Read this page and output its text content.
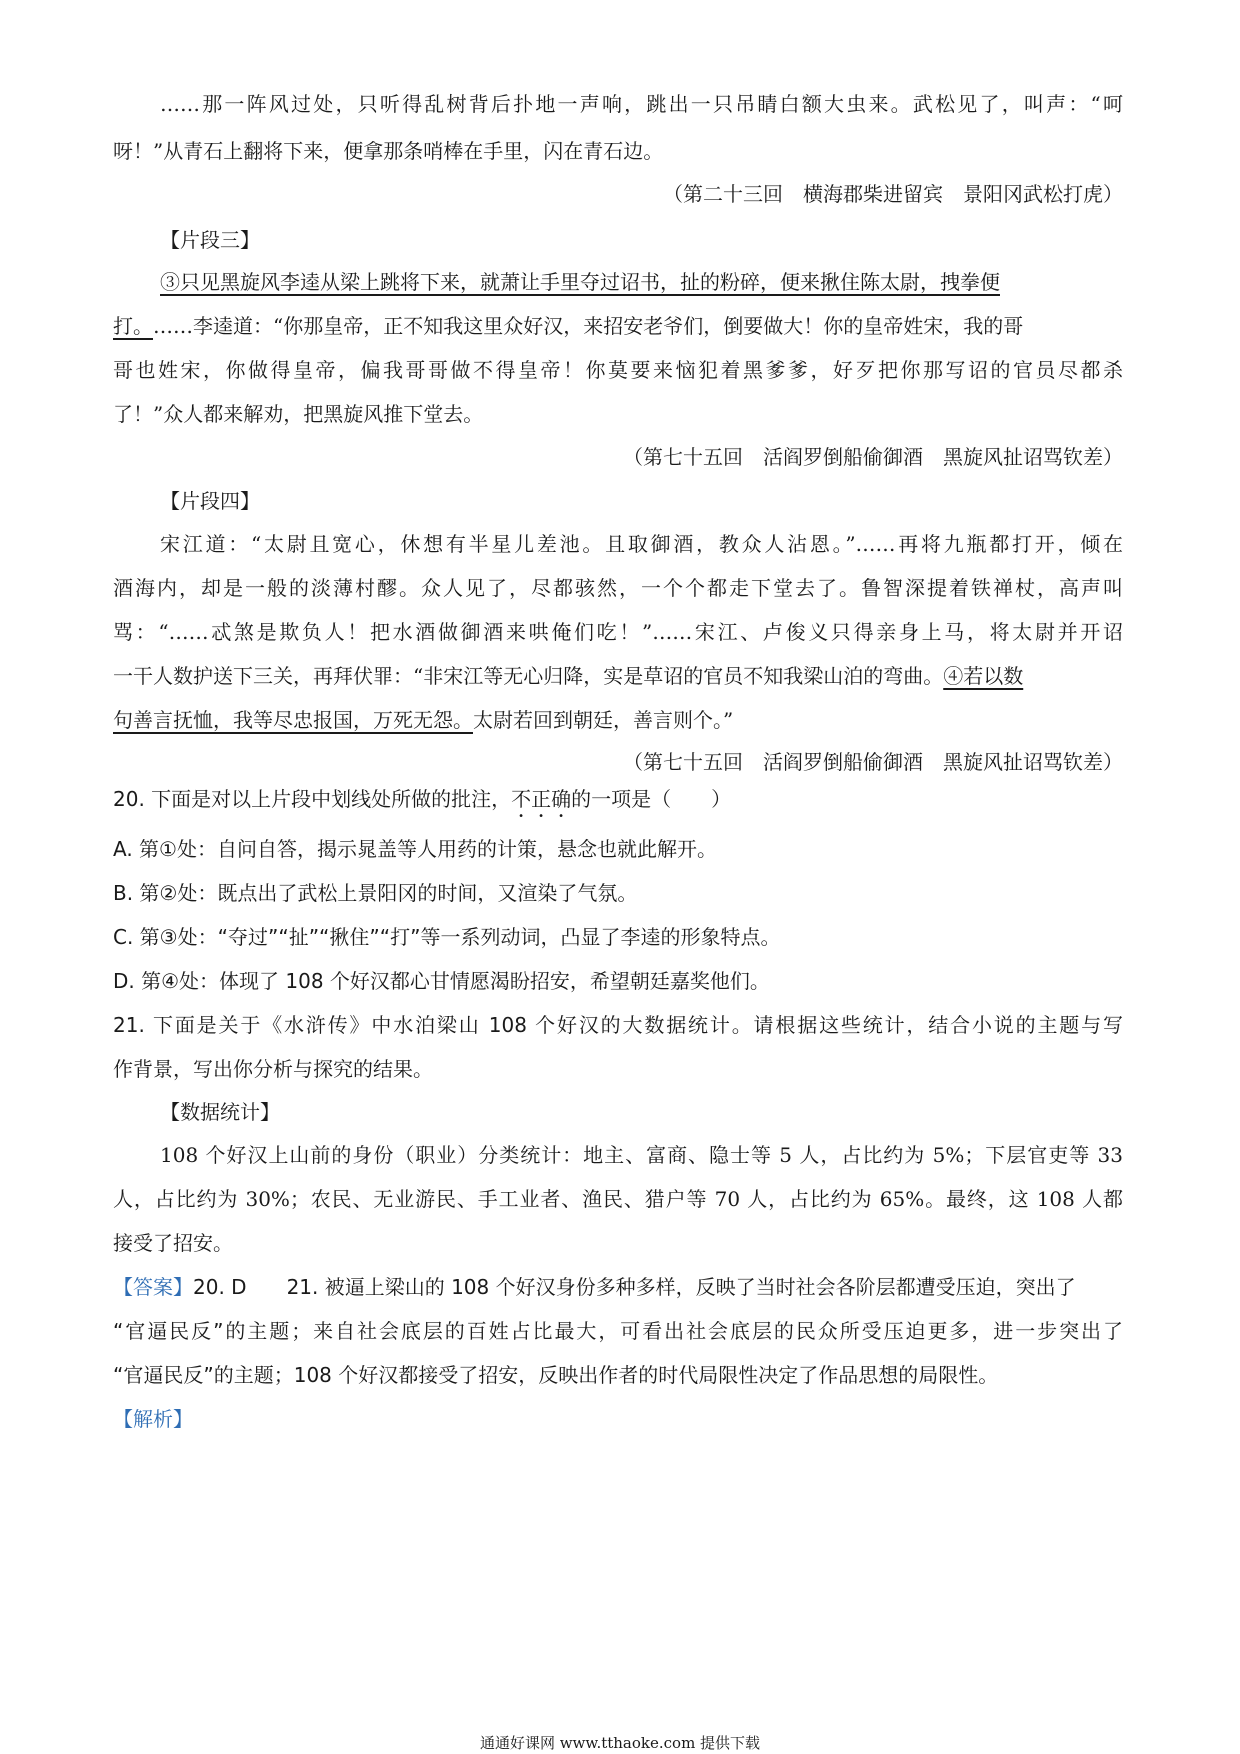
……那一阵风过处，只听得乱树背后扑地一声响，跳出一只吊睛白额大虫来。武松见了，叫声：“呵
呀！”从青石上翻将下来，便拿那条哨棒在手里，闪在青石边。
（第二十三回　横海郡柴进留宾　景阳冈武松打虎）
【片段三】
③只见黑旋风李逵从梁上跳将下来，就萧让手里夺过诏书，扯的粉碎，便来揪住陈太尉，拽拳便
打。……李逵道：“你那皇帝，正不知我这里众好汉，来招安老爷们，倒要做大！你的皇帝姓宋，我的哥
哥也姓宋，你做得皇帝，偏我哥哥做不得皇帝！你莫要来恼犯着黑爹爹，好歹把你那写诏的官员尽都杀
了！”众人都来解劝，把黑旋风推下堂去。
（第七十五回　活阎罗倒船偷御酒　黑旋风扯诏骂钦差）
【片段四】
宋江道：“太尉且宽心，休想有半星儿差池。且取御酒，教众人沾恩。”……再将九瓶都打开，倾在
酒海内，却是一般的淡薄村醪。众人见了，尽都骇然，一个个都走下堂去了。鲁智深提着铁禅杖，高声叫
骂：“……忒煞是欺负人！把水酒做御酒来哄俺们吃！”……宋江、卢俊义只得亲身上马，将太尉并开诏
一干人数护送下三关，再拜伏罪：“非宋江等无心归降，实是草诏的官员不知我梁山泊的弯曲。④若以数
句善言抚恤，我等尽忠报国，万死无怨。太尉若回到朝廷，善言则个。”
（第七十五回　活阎罗倒船偷御酒　黑旋风扯诏骂钦差）
20. 下面是对以上片段中划线处所做的批注，不正确的一项是（　　）
A. 第①处：自问自答，揭示晁盖等人用药的计策，悬念也就此解开。
B. 第②处：既点出了武松上景阳冈的时间，又渲染了气氛。
C. 第③处：“夺过”“扯”“揪住”“打”等一系列动词，凸显了李逵的形象特点。
D. 第④处：体现了 108 个好汉都心甘情愿渴盼招安，希望朝廷嘉奖他们。
21. 下面是关于《水浒传》中水泊梁山 108 个好汉的大数据统计。请根据这些统计，结合小说的主题与写
作背景，写出你分析与探究的结果。
【数据统计】
108 个好汉上山前的身份（职业）分类统计：地主、富商、隐士等 5 人，占比约为 5%；下层官吏等 33
人，占比约为 30%；农民、无业游民、手工业者、渔民、猎户等 70 人，占比约为 65%。最终，这 108 人都
接受了招安。
【答案】20. D　　21. 被逼上梁山的 108 个好汉身份多种多样，反映了当时社会各阶层都遭受压迫，突出了
“官逼民反”的主题；来自社会底层的百姓占比最大，可看出社会底层的民众所受压迫更多，进一步突出了
“官逼民反”的主题；108 个好汉都接受了招安，反映出作者的时代局限性决定了作品思想的局限性。
【解析】
通通好课网 www.tthaoke.com 提供下载
